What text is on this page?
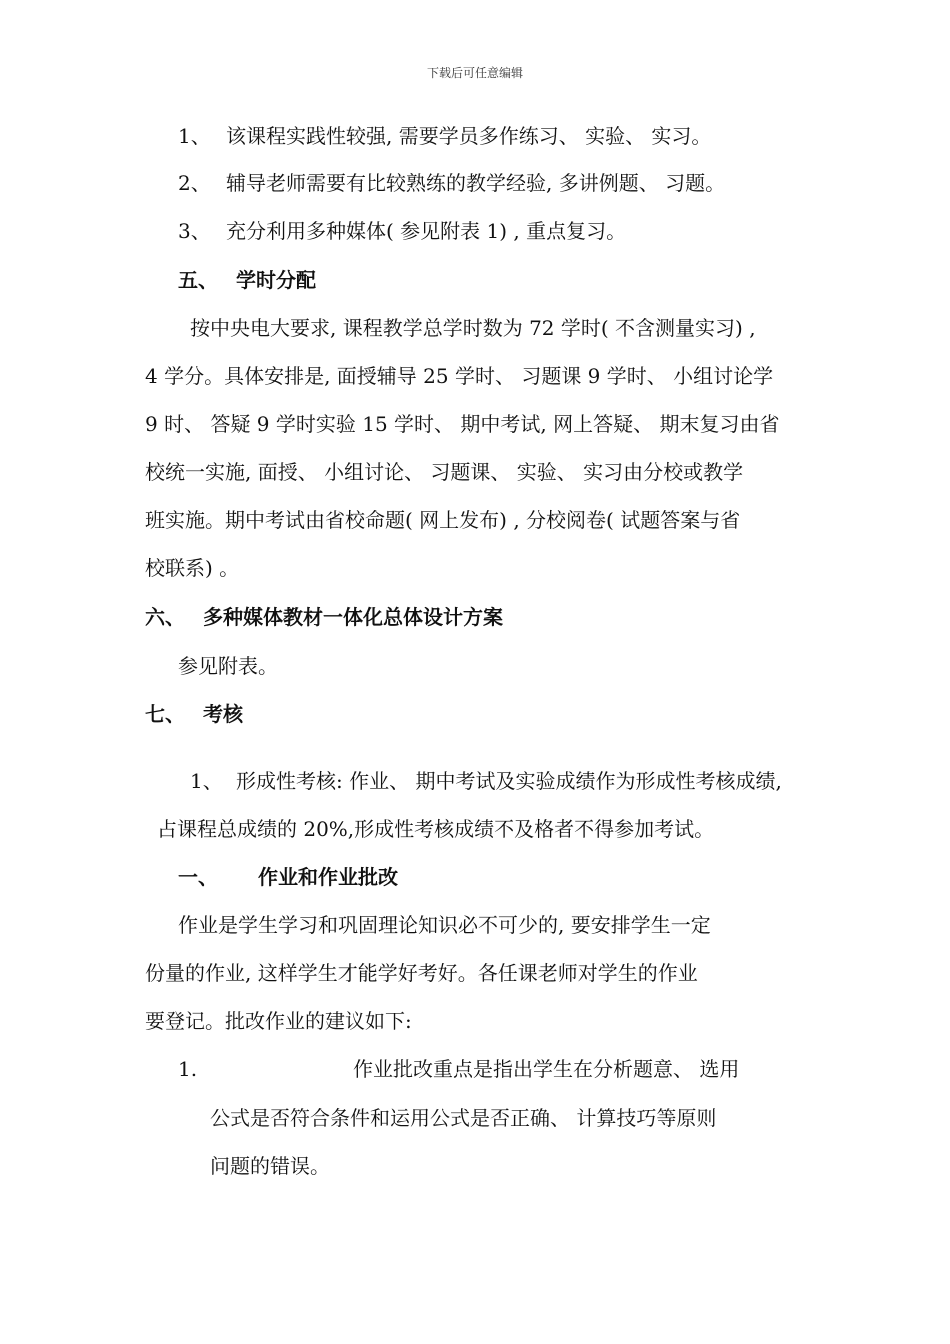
下载后可任意编辑
1、 该课程实践性较强, 需要学员多作练习、 实验、 实习。
2、 辅导老师需要有比较熟练的教学经验, 多讲例题、 习题。
3、 充分利用多种媒体( 参见附表 1) , 重点复习。
五、 学时分配
按中央电大要求, 课程教学总学时数为 72 学时( 不含测量实习) ,
4 学分。具体安排是, 面授辅导 25 学时、 习题课 9 学时、 小组讨论学
9 时、 答疑 9 学时实验 15 学时、 期中考试, 网上答疑、 期末复习由省
校统一实施, 面授、 小组讨论、 习题课、 实验、 实习由分校或教学
班实施。期中考试由省校命题( 网上发布) , 分校阅卷( 试题答案与省
校联系) 。
六、 多种媒体教材一体化总体设计方案
参见附表。
七、 考核
1、 形成性考核: 作业、 期中考试及实验成绩作为形成性考核成绩,
占课程总成绩的 20%,形成性考核成绩不及格者不得参加考试。
一、 作业和作业批改
作业是学生学习和巩固理论知识必不可少的, 要安排学生一定
份量的作业, 这样学生才能学好考好。各任课老师对学生的作业
要登记。批改作业的建议如下:
1.	作业批改重点是指出学生在分析题意、 选用
公式是否符合条件和运用公式是否正确、 计算技巧等原则
问题的错误。
